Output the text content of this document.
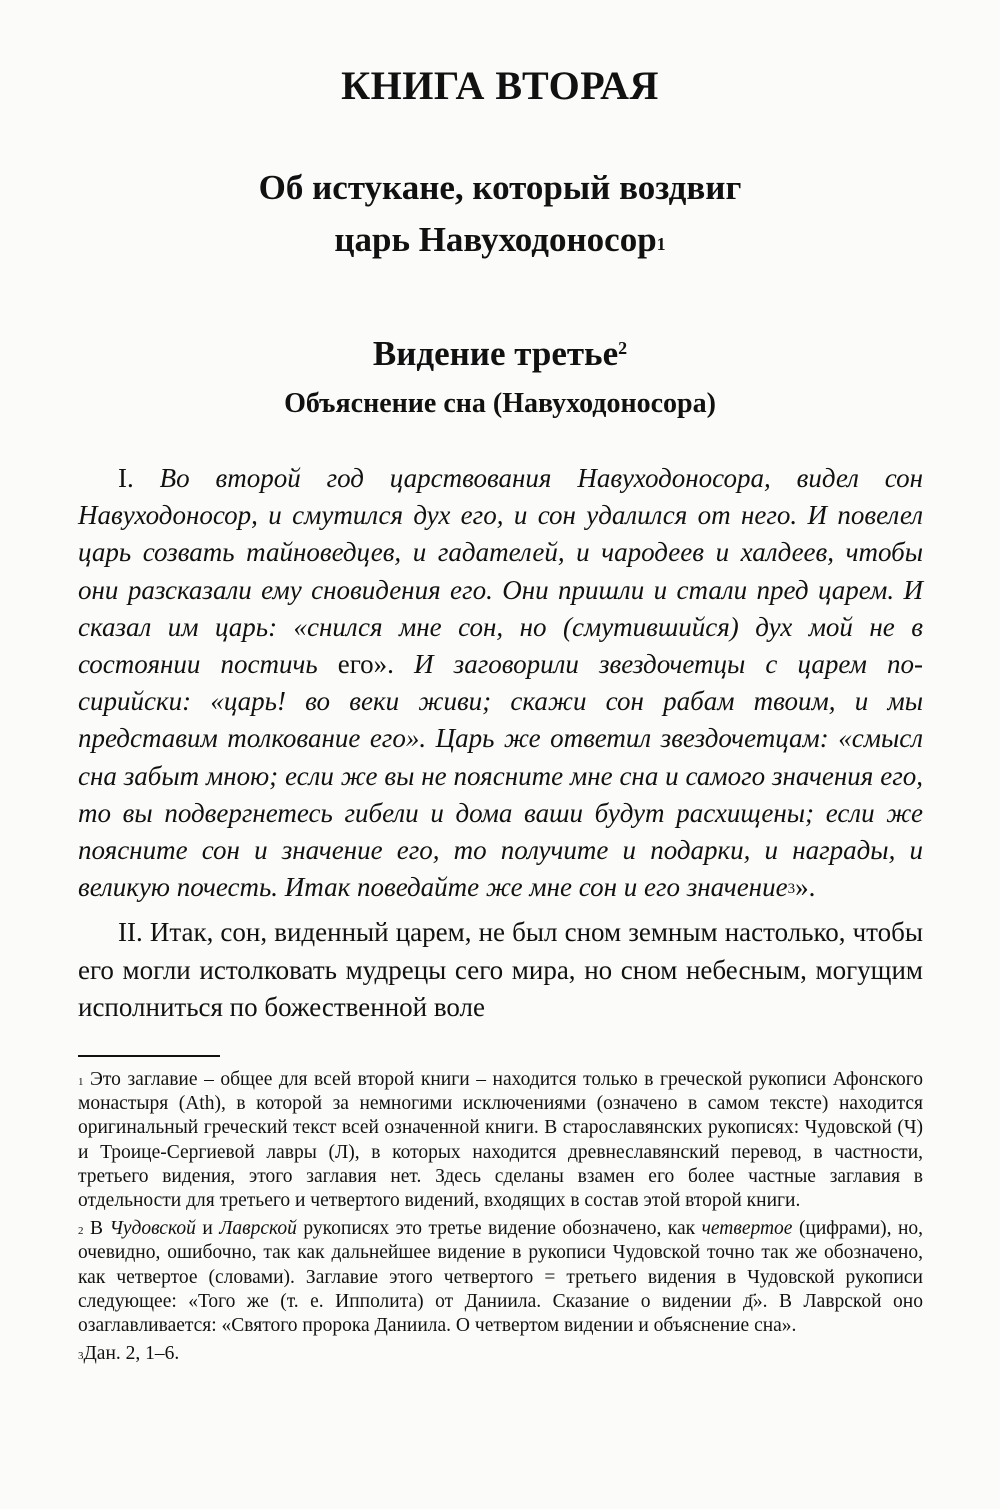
КНИГА ВТОРАЯ
Об истукане, который воздвиг
царь Навуходоносор$^1$
Видение третье$^2$
Объяснение сна (Навуходоносора)

I. Во второй год царствования Навуходоносора, видел сон Навуходоносор, и смутился дух его, и сон удалился от него. И повелел царь созвать тайноведцев, и гадателей, и чародеев и халдеев, чтобы они разсказали ему сновидения его. Они пришли и стали пред царем. И сказал им царь: «снился мне сон, но (смутившийся) дух мой не в состоянии постичь его». И заговорили звездочетцы с царем по-сирийски: «царь! во веки живи; скажи сон рабам твоим, и мы представим толкование его». Царь же ответил звездочетцам: «смысл сна забыт мною; если же вы не поясните мне сна и самого значения его, то вы подвергнетесь гибели и дома ваши будут расхищены; если же поясните сон и значение его, то получите и подарки, и награды, и великую почесть. Итак поведайте же мне сон и его значение$^3$».

II. Итак, сон, виденный царем, не был сном земным настолько, чтобы его могли истолковать мудрецы сего мира, но сном небесным, могущим исполниться по божественной воле

$^1$ Это заглавие – общее для всей второй книги – находится только в греческой рукописи Афонского монастыря (Ath), в которой за немногими исключениями (означено в самом тексте) находится оригинальный греческий текст всей означенной книги. В старославянских рукописях: Чудовской (Ч) и Троице-Сергиевой лавры (Л), в которых находится древнеславянский перевод, в частности, третьего видения, этого заглавия нет. Здесь сделаны взамен его более частные заглавия в отдельности для третьего и четвертого видений, входящих в состав этой второй книги.

$^2$ В Чудовской и Лаврской рукописях это третье видение обозначено, как четвертое (цифрами), но, очевидно, ошибочно, так как дальнейшее видение в рукописи Чудовской точно так же обозначено, как четвертое (словами). Заглавие этого четвертого = третьего видения в Чудовской рукописи следующее: «Того же (т. е. Ипполита) от Даниила. Сказание о видении д҃». В Лаврской оно озаглавливается: «Святого пророка Даниила. О четвертом видении и объяснение сна».

$^3$Дан. 2, 1–6.
